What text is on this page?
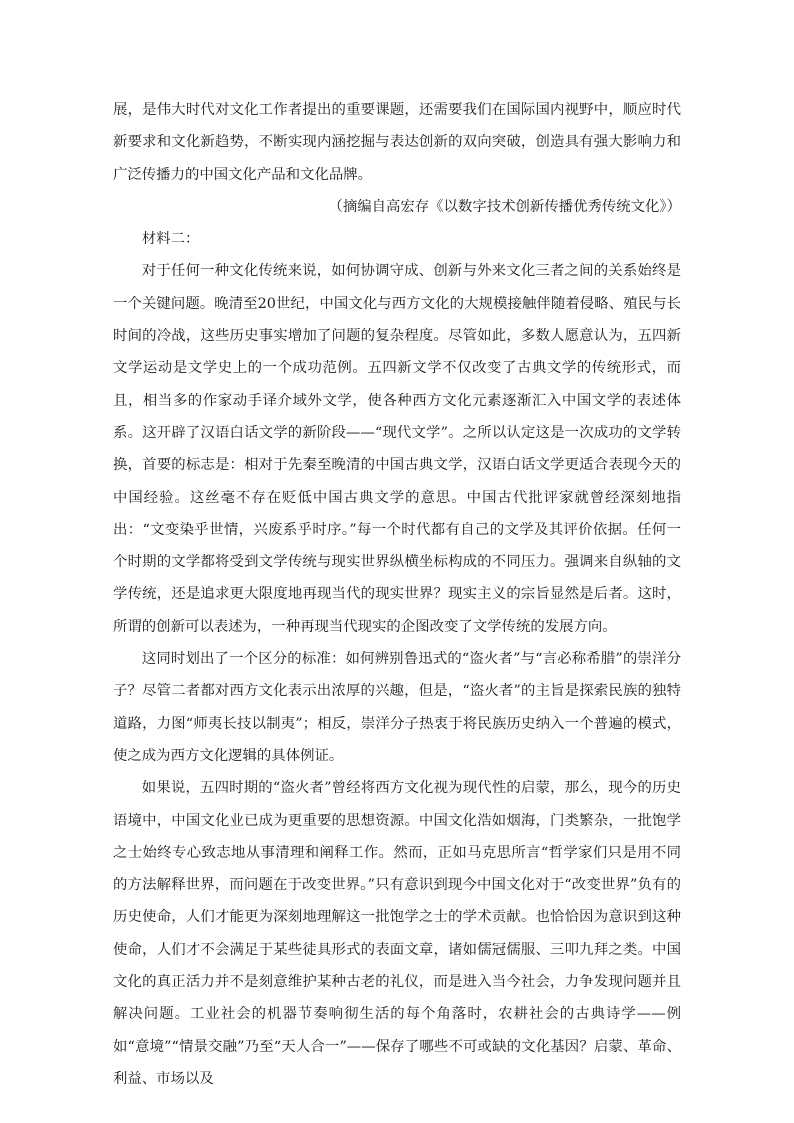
展，是伟大时代对文化工作者提出的重要课题，还需要我们在国际国内视野中，顺应时代新要求和文化新趋势，不断实现内涵挖掘与表达创新的双向突破，创造具有强大影响力和广泛传播力的中国文化产品和文化品牌。

（摘编自高宏存《以数字技术创新传播优秀传统文化》）

材料二：

对于任何一种文化传统来说，如何协调守成、创新与外来文化三者之间的关系始终是一个关键问题。晚清至20世纪，中国文化与西方文化的大规模接触伴随着侵略、殖民与长时间的冷战，这些历史事实增加了问题的复杂程度。尽管如此，多数人愿意认为，五四新文学运动是文学史上的一个成功范例。五四新文学不仅改变了古典文学的传统形式，而且，相当多的作家动手译介域外文学，使各种西方文化元素逐渐汇入中国文学的表述体系。这开辟了汉语白话文学的新阶段——“现代文学”。之所以认定这是一次成功的文学转换，首要的标志是：相对于先秦至晚清的中国古典文学，汉语白话文学更适合表现今天的中国经验。这丝毫不存在贬低中国古典文学的意思。中国古代批评家就曾经深刻地指出：“文变染乎世情，兴废系乎时序。”每一个时代都有自己的文学及其评价依据。任何一个时期的文学都将受到文学传统与现实世界纵横坐标构成的不同压力。强调来自纵轴的文学传统，还是追求更大限度地再现当代的现实世界？现实主义的宗旨显然是后者。这时，所谓的创新可以表述为，一种再现当代现实的企图改变了文学传统的发展方向。

这同时划出了一个区分的标准：如何辨别鲁迅式的“盗火者”与“言必称希腊”的崇洋分子？尽管二者都对西方文化表示出浓厚的兴趣，但是，“盗火者”的主旨是探索民族的独特道路，力图“师夷长技以制夷”；相反，崇洋分子热衷于将民族历史纳入一个普遍的模式，使之成为西方文化逻辑的具体例证。

如果说，五四时期的“盗火者”曾经将西方文化视为现代性的启蒙，那么，现今的历史语境中，中国文化业已成为更重要的思想资源。中国文化浩如烟海，门类繁杂，一批饱学之士始终专心致志地从事清理和阐释工作。然而，正如马克思所言“哲学家们只是用不同的方法解释世界，而问题在于改变世界。”只有意识到现今中国文化对于“改变世界”负有的历史使命，人们才能更为深刻地理解这一批饱学之士的学术贡献。也恰恰因为意识到这种使命，人们才不会满足于某些徒具形式的表面文章，诸如儒冠儒服、三叩九拜之类。中国文化的真正活力并不是刻意维护某种古老的礼仪，而是进入当今社会，力争发现问题并且解决问题。工业社会的机器节奏响彻生活的每个角落时，农耕社会的古典诗学——例如“意境”“情景交融”乃至“天人合一”——保存了哪些不可或缺的文化基因？启蒙、革命、利益、市场以及
